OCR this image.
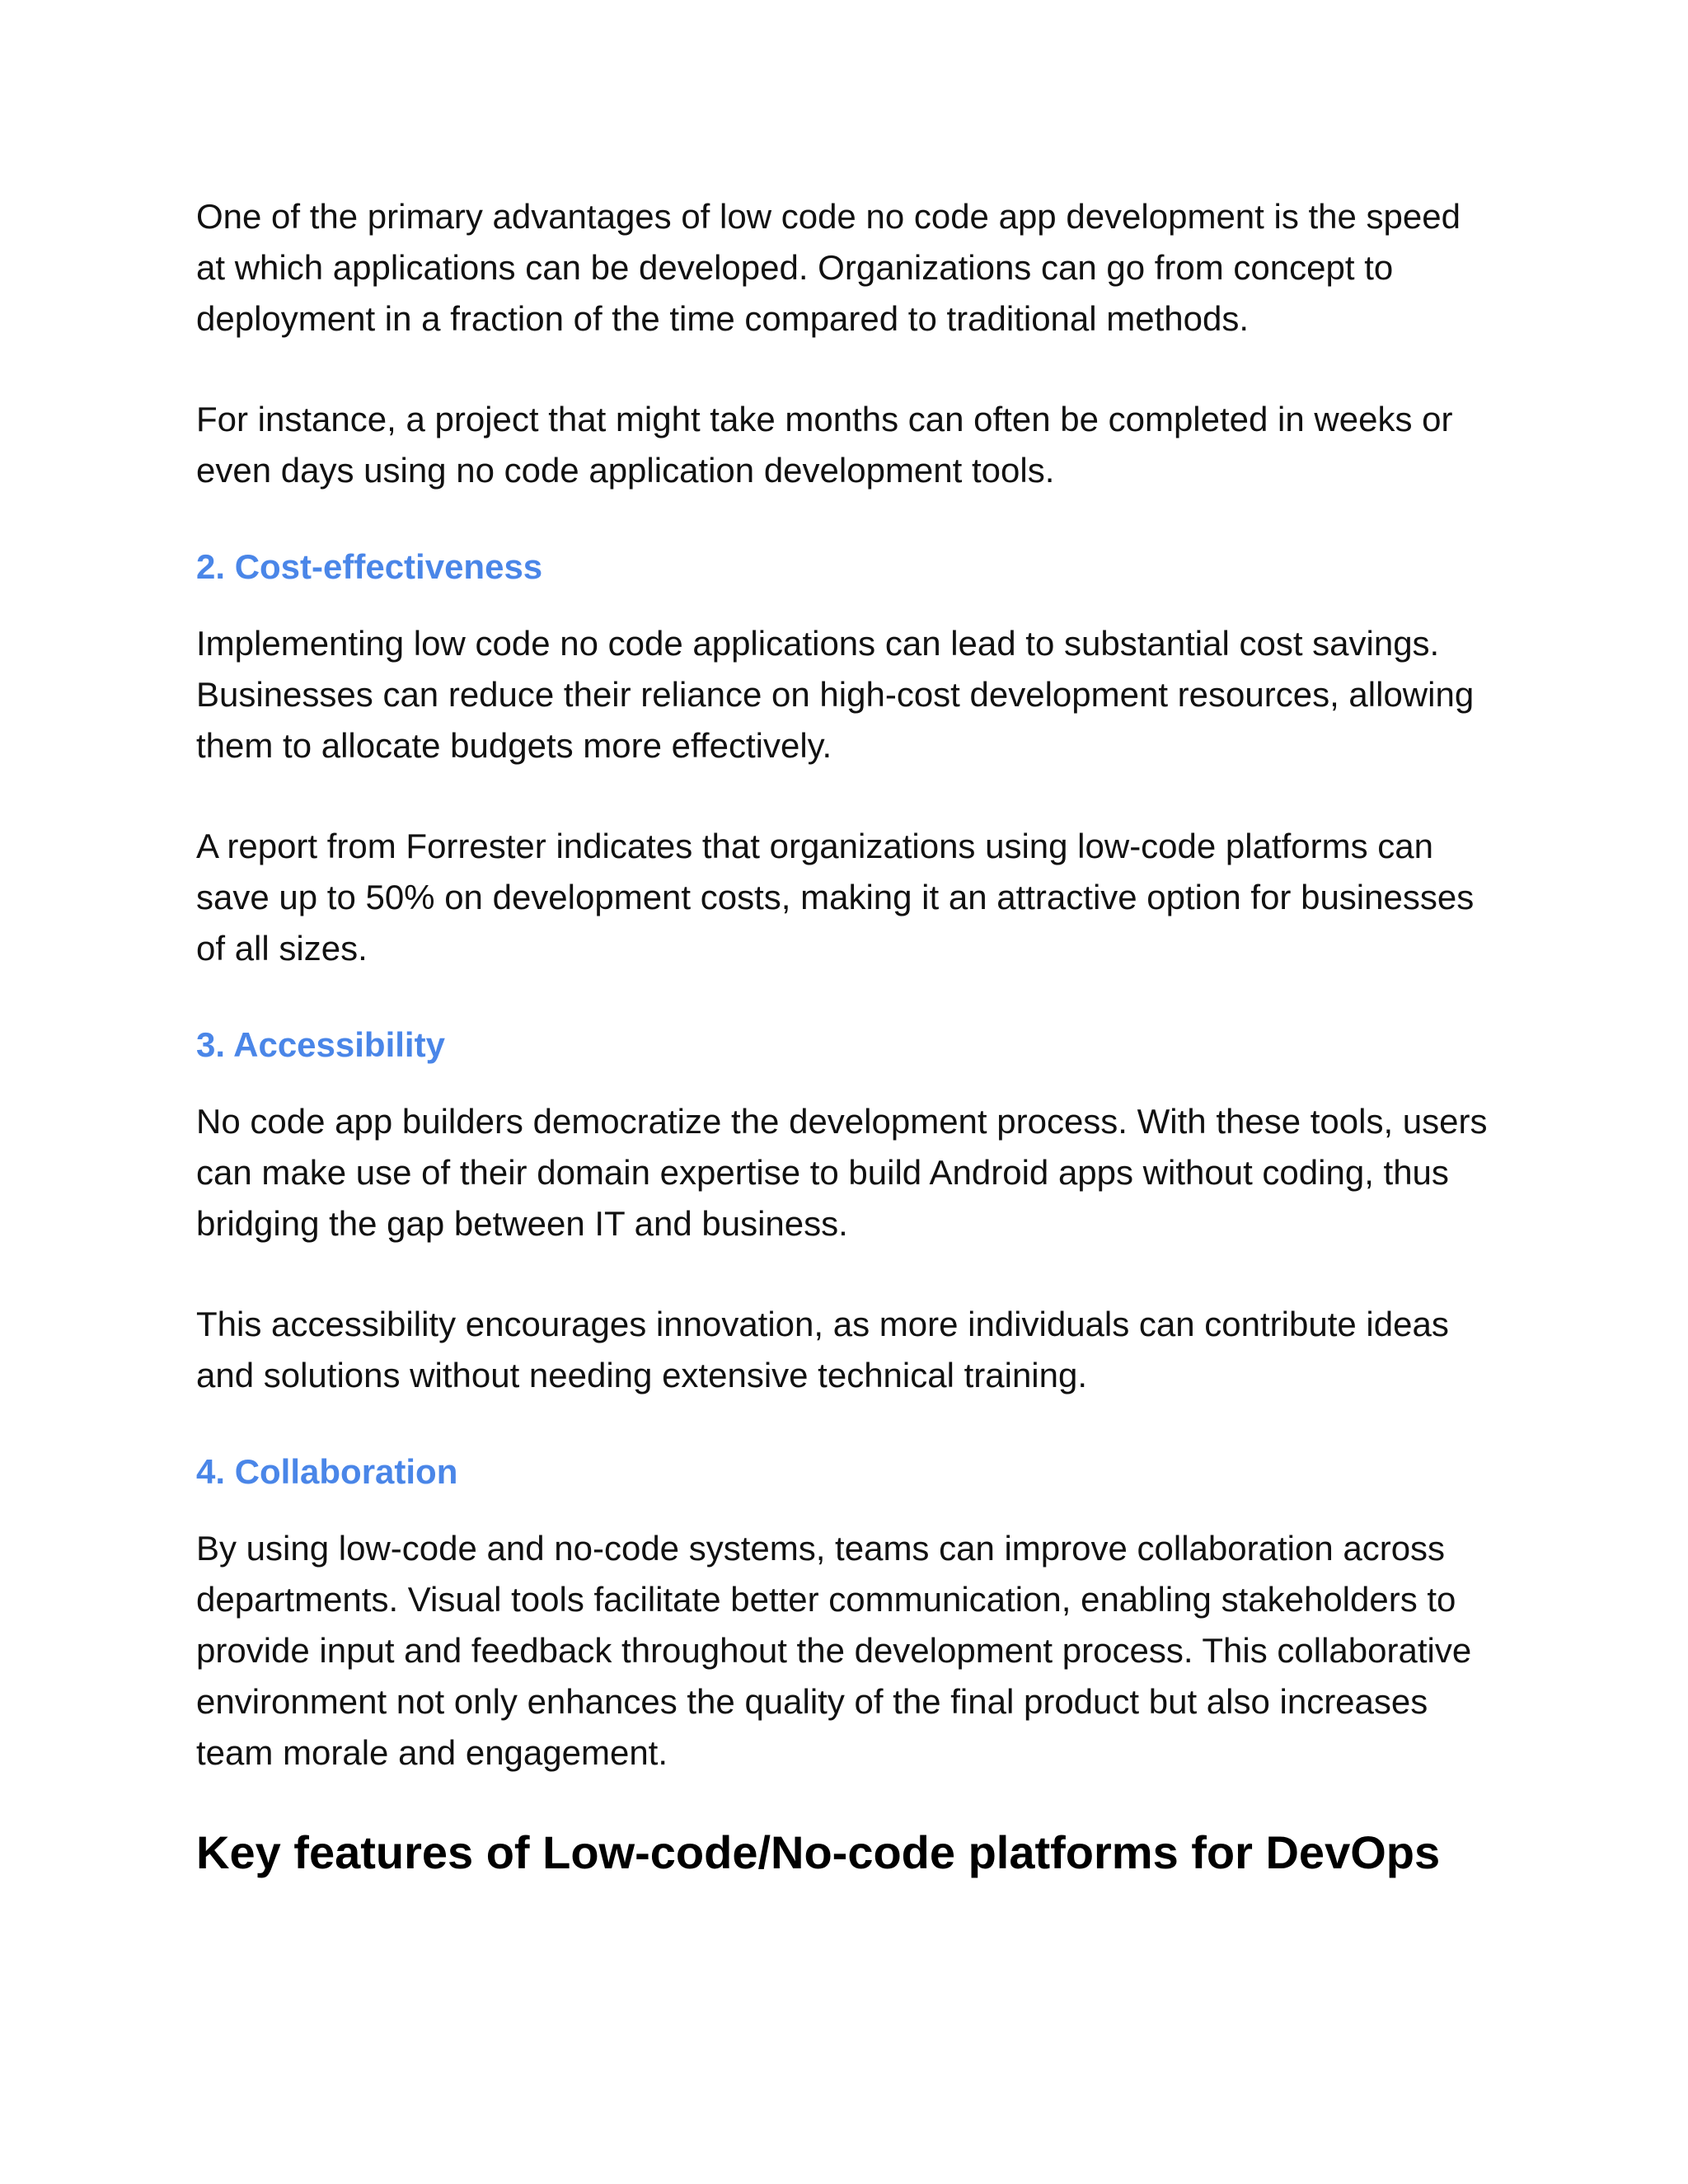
One of the primary advantages of low code no code app development is the speed at which applications can be developed. Organizations can go from concept to deployment in a fraction of the time compared to traditional methods.

For instance, a project that might take months can often be completed in weeks or even days using no code application development tools.

2. Cost-effectiveness

Implementing low code no code applications can lead to substantial cost savings. Businesses can reduce their reliance on high-cost development resources, allowing them to allocate budgets more effectively.

A report from Forrester indicates that organizations using low-code platforms can save up to 50% on development costs, making it an attractive option for businesses of all sizes.

3. Accessibility

No code app builders democratize the development process. With these tools, users can make use of their domain expertise to build Android apps without coding, thus bridging the gap between IT and business.

This accessibility encourages innovation, as more individuals can contribute ideas and solutions without needing extensive technical training.

4. Collaboration

By using low-code and no-code systems, teams can improve collaboration across departments. Visual tools facilitate better communication, enabling stakeholders to provide input and feedback throughout the development process. This collaborative environment not only enhances the quality of the final product but also increases team morale and engagement.

Key features of Low-code/No-code platforms for DevOps
